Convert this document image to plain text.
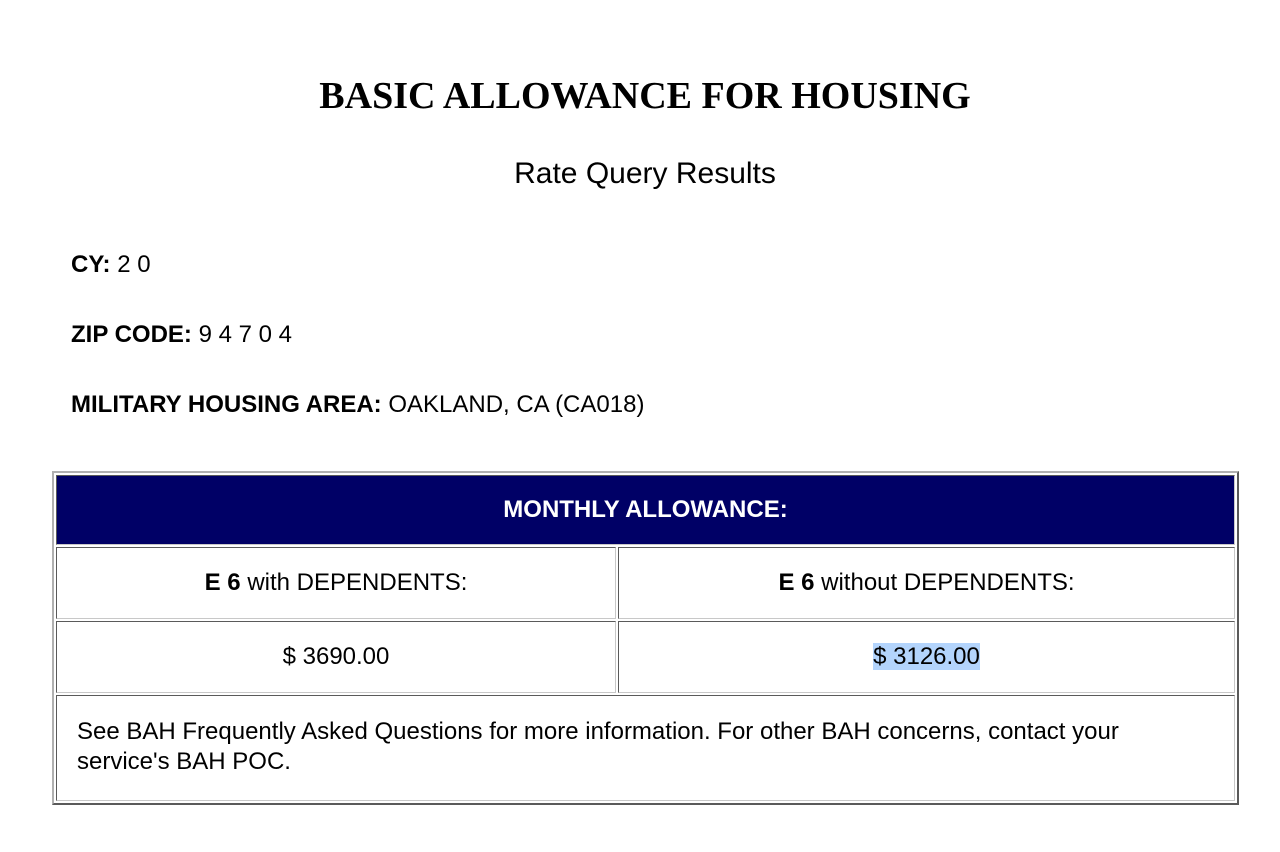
BASIC ALLOWANCE FOR HOUSING
Rate Query Results
CY: 2 0
ZIP CODE: 9 4 7 0 4
MILITARY HOUSING AREA: OAKLAND, CA (CA018)
MONTHLY ALLOWANCE:	
E 6 with DEPENDENTS:	E 6 without DEPENDENTS:
$ 3690.00	$ 3126.00
See BAH Frequently Asked Questions for more information. For other BAH concerns, contact your service's BAH POC.	
